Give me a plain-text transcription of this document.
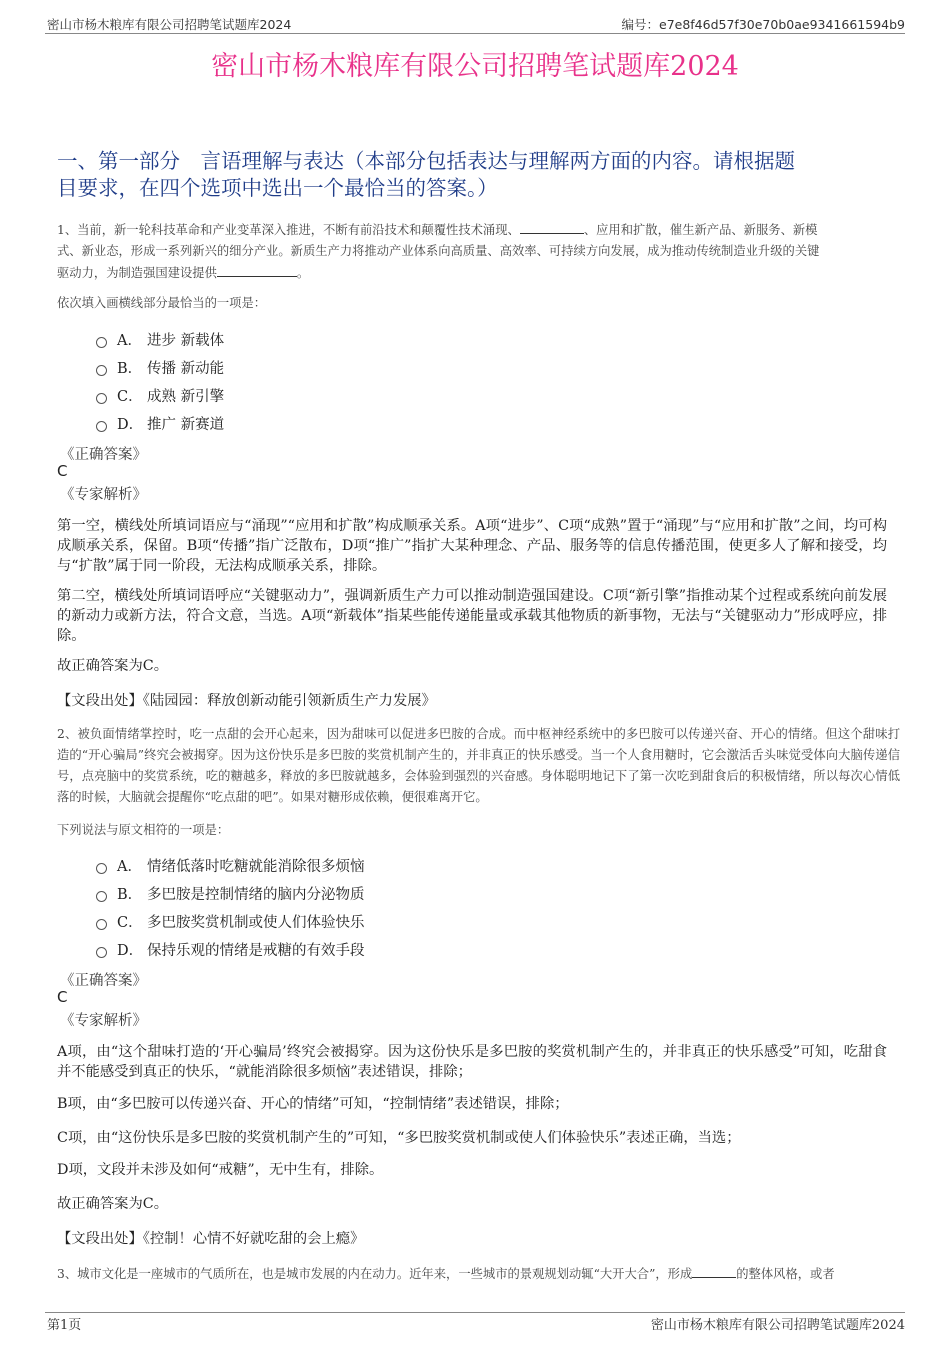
密山市杨木粮库有限公司招聘笔试题库2024	编号：e7e8f46d57f30e70b0ae9341661594b9
密山市杨木粮库有限公司招聘笔试题库2024
一、第一部分　言语理解与表达（本部分包括表达与理解两方面的内容。请根据题
目要求，在四个选项中选出一个最恰当的答案。）
1、当前，新一轮科技革命和产业变革深入推进，不断有前沿技术和颠覆性技术涌现、	、应用和扩散，催生新产品、新服务、新模
式、新业态，形成一系列新兴的细分产业。新质生产力将推动产业体系向高质量、高效率、可持续方向发展，成为推动传统制造业升级的关键
驱动力，为制造强国建设提供	。
依次填入画横线部分最恰当的一项是：
A． 进步 新载体
B． 传播 新动能
C． 成熟 新引擎
D． 推广 新赛道
《正确答案》
C
《专家解析》
第一空，横线处所填词语应与“涌现”“应用和扩散”构成顺承关系。A项“进步”、C项“成熟”置于“涌现”与“应用和扩散”之间，均可构成顺承关系，保留。B项“传播”指广泛散布，D项“推广”指扩大某种理念、产品、服务等的信息传播范围，使更多人了解和接受，均与“扩散”属于同一阶段，无法构成顺承关系，排除。
第二空，横线处所填词语呼应“关键驱动力”，强调新质生产力可以推动制造强国建设。C项“新引擎”指推动某个过程或系统向前发展的新动力或新方法，符合文意，当选。A项“新载体”指某些能传递能量或承载其他物质的新事物，无法与“关键驱动力”形成呼应，排除。
故正确答案为C。
【文段出处】《陆园园：释放创新动能引领新质生产力发展》
2、被负面情绪掌控时，吃一点甜的会开心起来，因为甜味可以促进多巴胺的合成。而中枢神经系统中的多巴胺可以传递兴奋、开心的情绪。但这个甜味打造的“开心骗局”终究会被揭穿。因为这份快乐是多巴胺的奖赏机制产生的，并非真正的快乐感受。当一个人食用糖时，它会激活舌头味觉受体向大脑传递信号，点亮脑中的奖赏系统，吃的糖越多，释放的多巴胺就越多，会体验到强烈的兴奋感。身体聪明地记下了第一次吃到甜食后的积极情绪，所以每次心情低落的时候，大脑就会提醒你“吃点甜的吧”。如果对糖形成依赖，便很难离开它。
下列说法与原文相符的一项是：
A． 情绪低落时吃糖就能消除很多烦恼
B． 多巴胺是控制情绪的脑内分泌物质
C． 多巴胺奖赏机制或使人们体验快乐
D． 保持乐观的情绪是戒糖的有效手段
《正确答案》
C
《专家解析》
A项，由“这个甜味打造的‘开心骗局’终究会被揭穿。因为这份快乐是多巴胺的奖赏机制产生的，并非真正的快乐感受”可知，吃甜食并不能感受到真正的快乐，“就能消除很多烦恼”表述错误，排除；
B项，由“多巴胺可以传递兴奋、开心的情绪”可知，“控制情绪”表述错误，排除；
C项，由“这份快乐是多巴胺的奖赏机制产生的”可知，“多巴胺奖赏机制或使人们体验快乐”表述正确，当选；
D项，文段并未涉及如何“戒糖”，无中生有，排除。
故正确答案为C。
【文段出处】《控制！心情不好就吃甜的会上瘾》
3、城市文化是一座城市的气质所在，也是城市发展的内在动力。近年来，一些城市的景观规划动辄“大开大合”，形成	的整体风格，或者
第1页	密山市杨木粮库有限公司招聘笔试题库2024
